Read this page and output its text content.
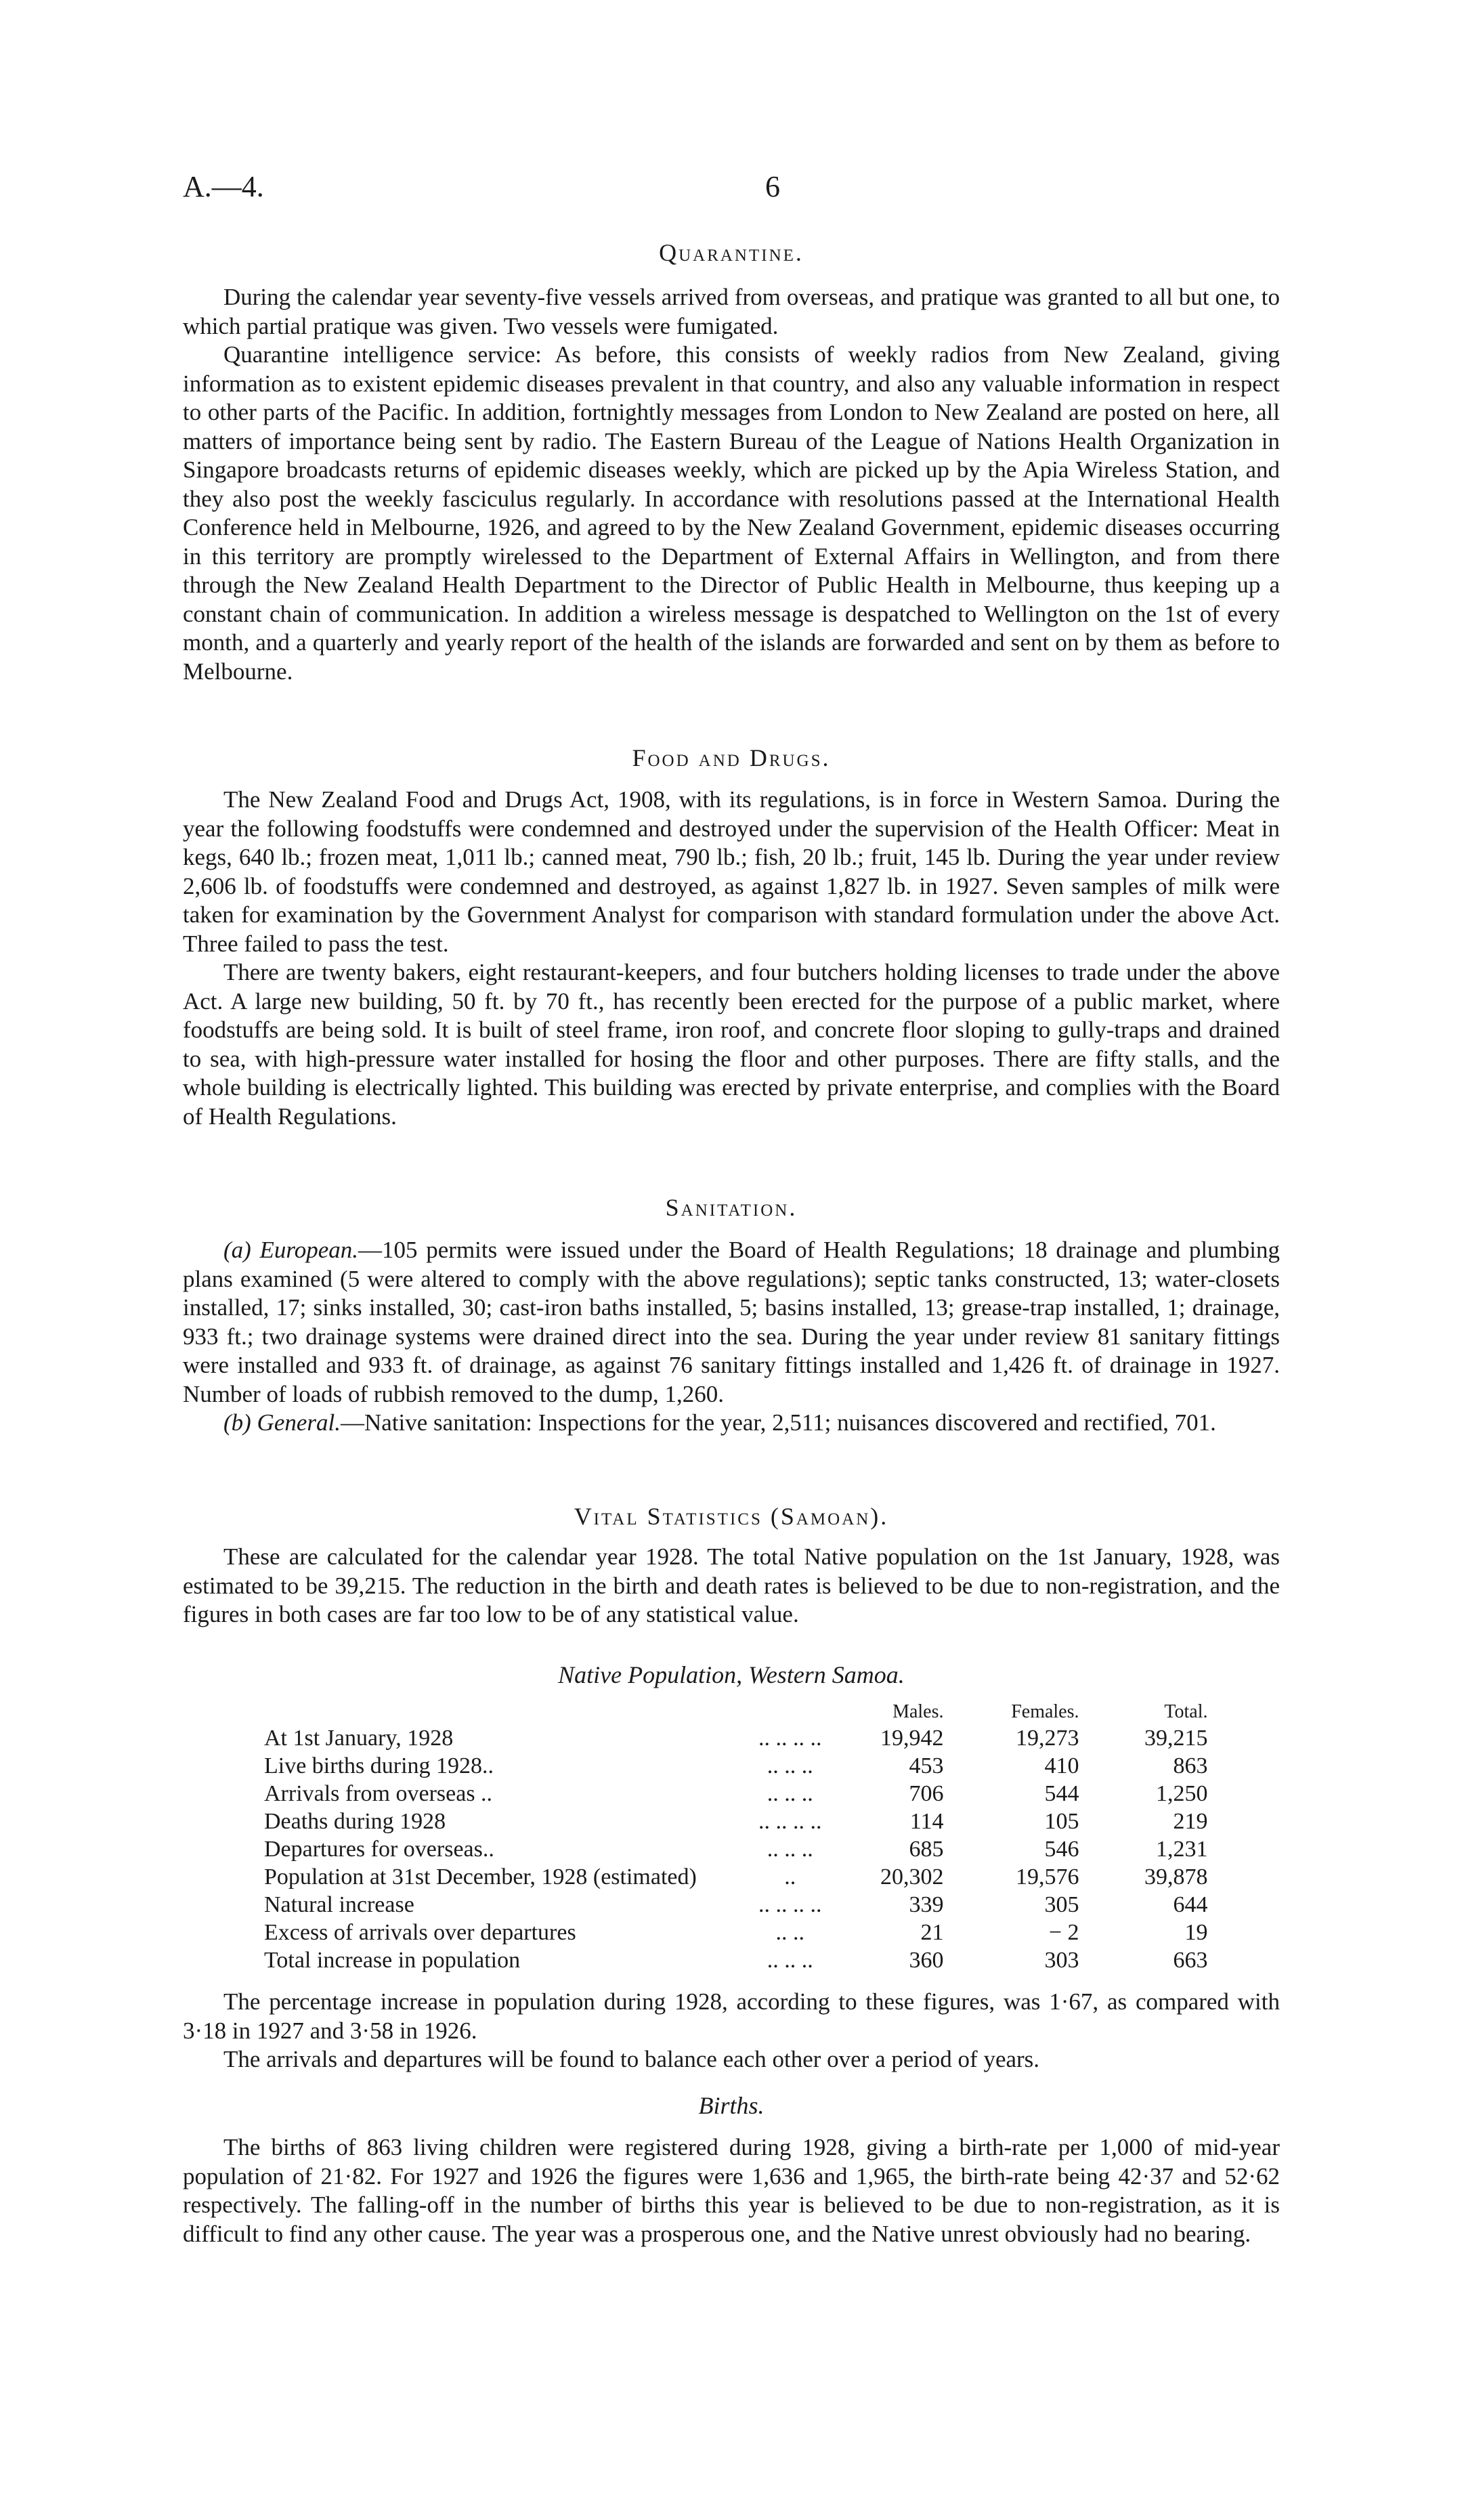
A.—4.	6
Quarantine.

During the calendar year seventy-five vessels arrived from overseas, and pratique was granted to all but one, to which partial pratique was given. Two vessels were fumigated.

Quarantine intelligence service: As before, this consists of weekly radios from New Zealand, giving information as to existent epidemic diseases prevalent in that country, and also any valuable information in respect to other parts of the Pacific. In addition, fortnightly messages from London to New Zealand are posted on here, all matters of importance being sent by radio. The Eastern Bureau of the League of Nations Health Organization in Singapore broadcasts returns of epidemic diseases weekly, which are picked up by the Apia Wireless Station, and they also post the weekly fasciculus regularly. In accordance with resolutions passed at the International Health Conference held in Melbourne, 1926, and agreed to by the New Zealand Government, epidemic diseases occurring in this territory are promptly wirelessed to the Department of External Affairs in Wellington, and from there through the New Zealand Health Department to the Director of Public Health in Melbourne, thus keeping up a constant chain of communication. In addition a wireless message is despatched to Wellington on the 1st of every month, and a quarterly and yearly report of the health of the islands are forwarded and sent on by them as before to Melbourne.

Food and Drugs.

The New Zealand Food and Drugs Act, 1908, with its regulations, is in force in Western Samoa. During the year the following foodstuffs were condemned and destroyed under the supervision of the Health Officer: Meat in kegs, 640 lb.; frozen meat, 1,011 lb.; canned meat, 790 lb.; fish, 20 lb.; fruit, 145 lb. During the year under review 2,606 lb. of foodstuffs were condemned and destroyed, as against 1,827 lb. in 1927. Seven samples of milk were taken for examination by the Government Analyst for comparison with standard formulation under the above Act. Three failed to pass the test.

There are twenty bakers, eight restaurant-keepers, and four butchers holding licenses to trade under the above Act. A large new building, 50 ft. by 70 ft., has recently been erected for the purpose of a public market, where foodstuffs are being sold. It is built of steel frame, iron roof, and concrete floor sloping to gully-traps and drained to sea, with high-pressure water installed for hosing the floor and other purposes. There are fifty stalls, and the whole building is electrically lighted. This building was erected by private enterprise, and complies with the Board of Health Regulations.

Sanitation.

(a) European.—105 permits were issued under the Board of Health Regulations; 18 drainage and plumbing plans examined (5 were altered to comply with the above regulations); septic tanks constructed, 13; water-closets installed, 17; sinks installed, 30; cast-iron baths installed, 5; basins installed, 13; grease-trap installed, 1; drainage, 933 ft.; two drainage systems were drained direct into the sea. During the year under review 81 sanitary fittings were installed and 933 ft. of drainage, as against 76 sanitary fittings installed and 1,426 ft. of drainage in 1927. Number of loads of rubbish removed to the dump, 1,260.

(b) General.—Native sanitation: Inspections for the year, 2,511; nuisances discovered and rectified, 701.

Vital Statistics (Samoan).

These are calculated for the calendar year 1928. The total Native population on the 1st January, 1928, was estimated to be 39,215. The reduction in the birth and death rates is believed to be due to non-registration, and the figures in both cases are far too low to be of any statistical value.

Native Population, Western Samoa.
		Males.	Females.	Total.
At 1st January, 1928	.. .. .. ..	19,942	19,273	39,215
Live births during 1928..	.. .. ..	453	410	863
Arrivals from overseas ..	.. .. ..	706	544	1,250
Deaths during 1928	.. .. .. ..	114	105	219
Departures for overseas..	.. .. ..	685	546	1,231
Population at 31st December, 1928 (estimated)	..	20,302	19,576	39,878
Natural increase	.. .. .. ..	339	305	644
Excess of arrivals over departures	.. ..	21	− 2	19
Total increase in population	.. .. ..	360	303	663

The percentage increase in population during 1928, according to these figures, was 1·67, as compared with 3·18 in 1927 and 3·58 in 1926.

The arrivals and departures will be found to balance each other over a period of years.

Births.

The births of 863 living children were registered during 1928, giving a birth-rate per 1,000 of mid-year population of 21·82. For 1927 and 1926 the figures were 1,636 and 1,965, the birth-rate being 42·37 and 52·62 respectively. The falling-off in the number of births this year is believed to be due to non-registration, as it is difficult to find any other cause. The year was a prosperous one, and the Native unrest obviously had no bearing.
